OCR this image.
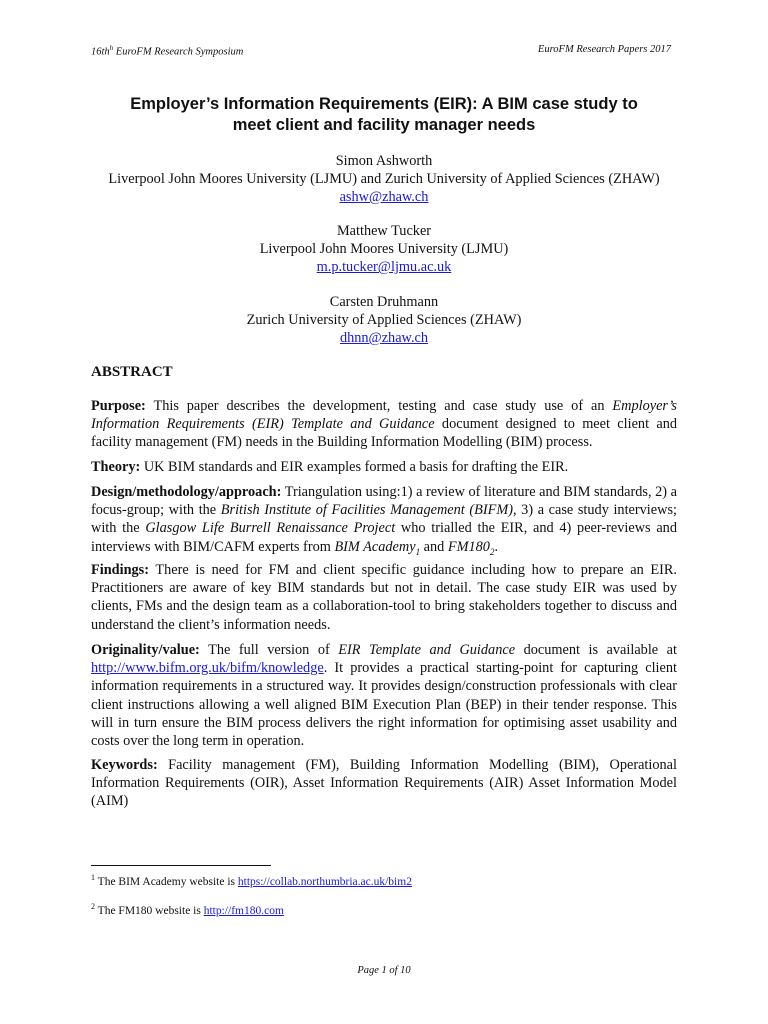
$16th^h$ EuroFM Research Symposium	EuroFM Research Papers 2017
Employer’s Information Requirements (EIR): A BIM case study to
meet client and facility manager needs
Simon Ashworth
Liverpool John Moores University (LJMU) and Zurich University of Applied Sciences (ZHAW)
ashw@zhaw.ch
Matthew Tucker
Liverpool John Moores University (LJMU)
m.p.tucker@ljmu.ac.uk
Carsten Druhmann
Zurich University of Applied Sciences (ZHAW)
dhnn@zhaw.ch
ABSTRACT
Purpose: This paper describes the development, testing and case study use of an Employer’s Information Requirements (EIR) Template and Guidance document designed to meet client and facility management (FM) needs in the Building Information Modelling (BIM) process.
Theory: UK BIM standards and EIR examples formed a basis for drafting the EIR.
Design/methodology/approach: Triangulation using:1) a review of literature and BIM standards, 2) a focus-group; with the British Institute of Facilities Management (BIFM), 3) a case study interviews; with the Glasgow Life Burrell Renaissance Project who trialled the EIR, and 4) peer-reviews and interviews with BIM/CAFM experts from BIM Academy$_1$ and $FM180_2$.
Findings: There is need for FM and client specific guidance including how to prepare an EIR. Practitioners are aware of key BIM standards but not in detail. The case study EIR was used by clients, FMs and the design team as a collaboration-tool to bring stakeholders together to discuss and understand the client’s information needs.
Originality/value: The full version of EIR Template and Guidance document is available at http://www.bifm.org.uk/bifm/knowledge. It provides a practical starting-point for capturing client information requirements in a structured way. It provides design/construction professionals with clear client instructions allowing a well aligned BIM Execution Plan (BEP) in their tender response. This will in turn ensure the BIM process delivers the right information for optimising asset usability and costs over the long term in operation.
Keywords: Facility management (FM), Building Information Modelling (BIM), Operational Information Requirements (OIR), Asset Information Requirements (AIR) Asset Information Model (AIM)
$^1$ The BIM Academy website is https://collab.northumbria.ac.uk/bim2
$^2$ The FM180 website is http://fm180.com
Page 1 of 10
